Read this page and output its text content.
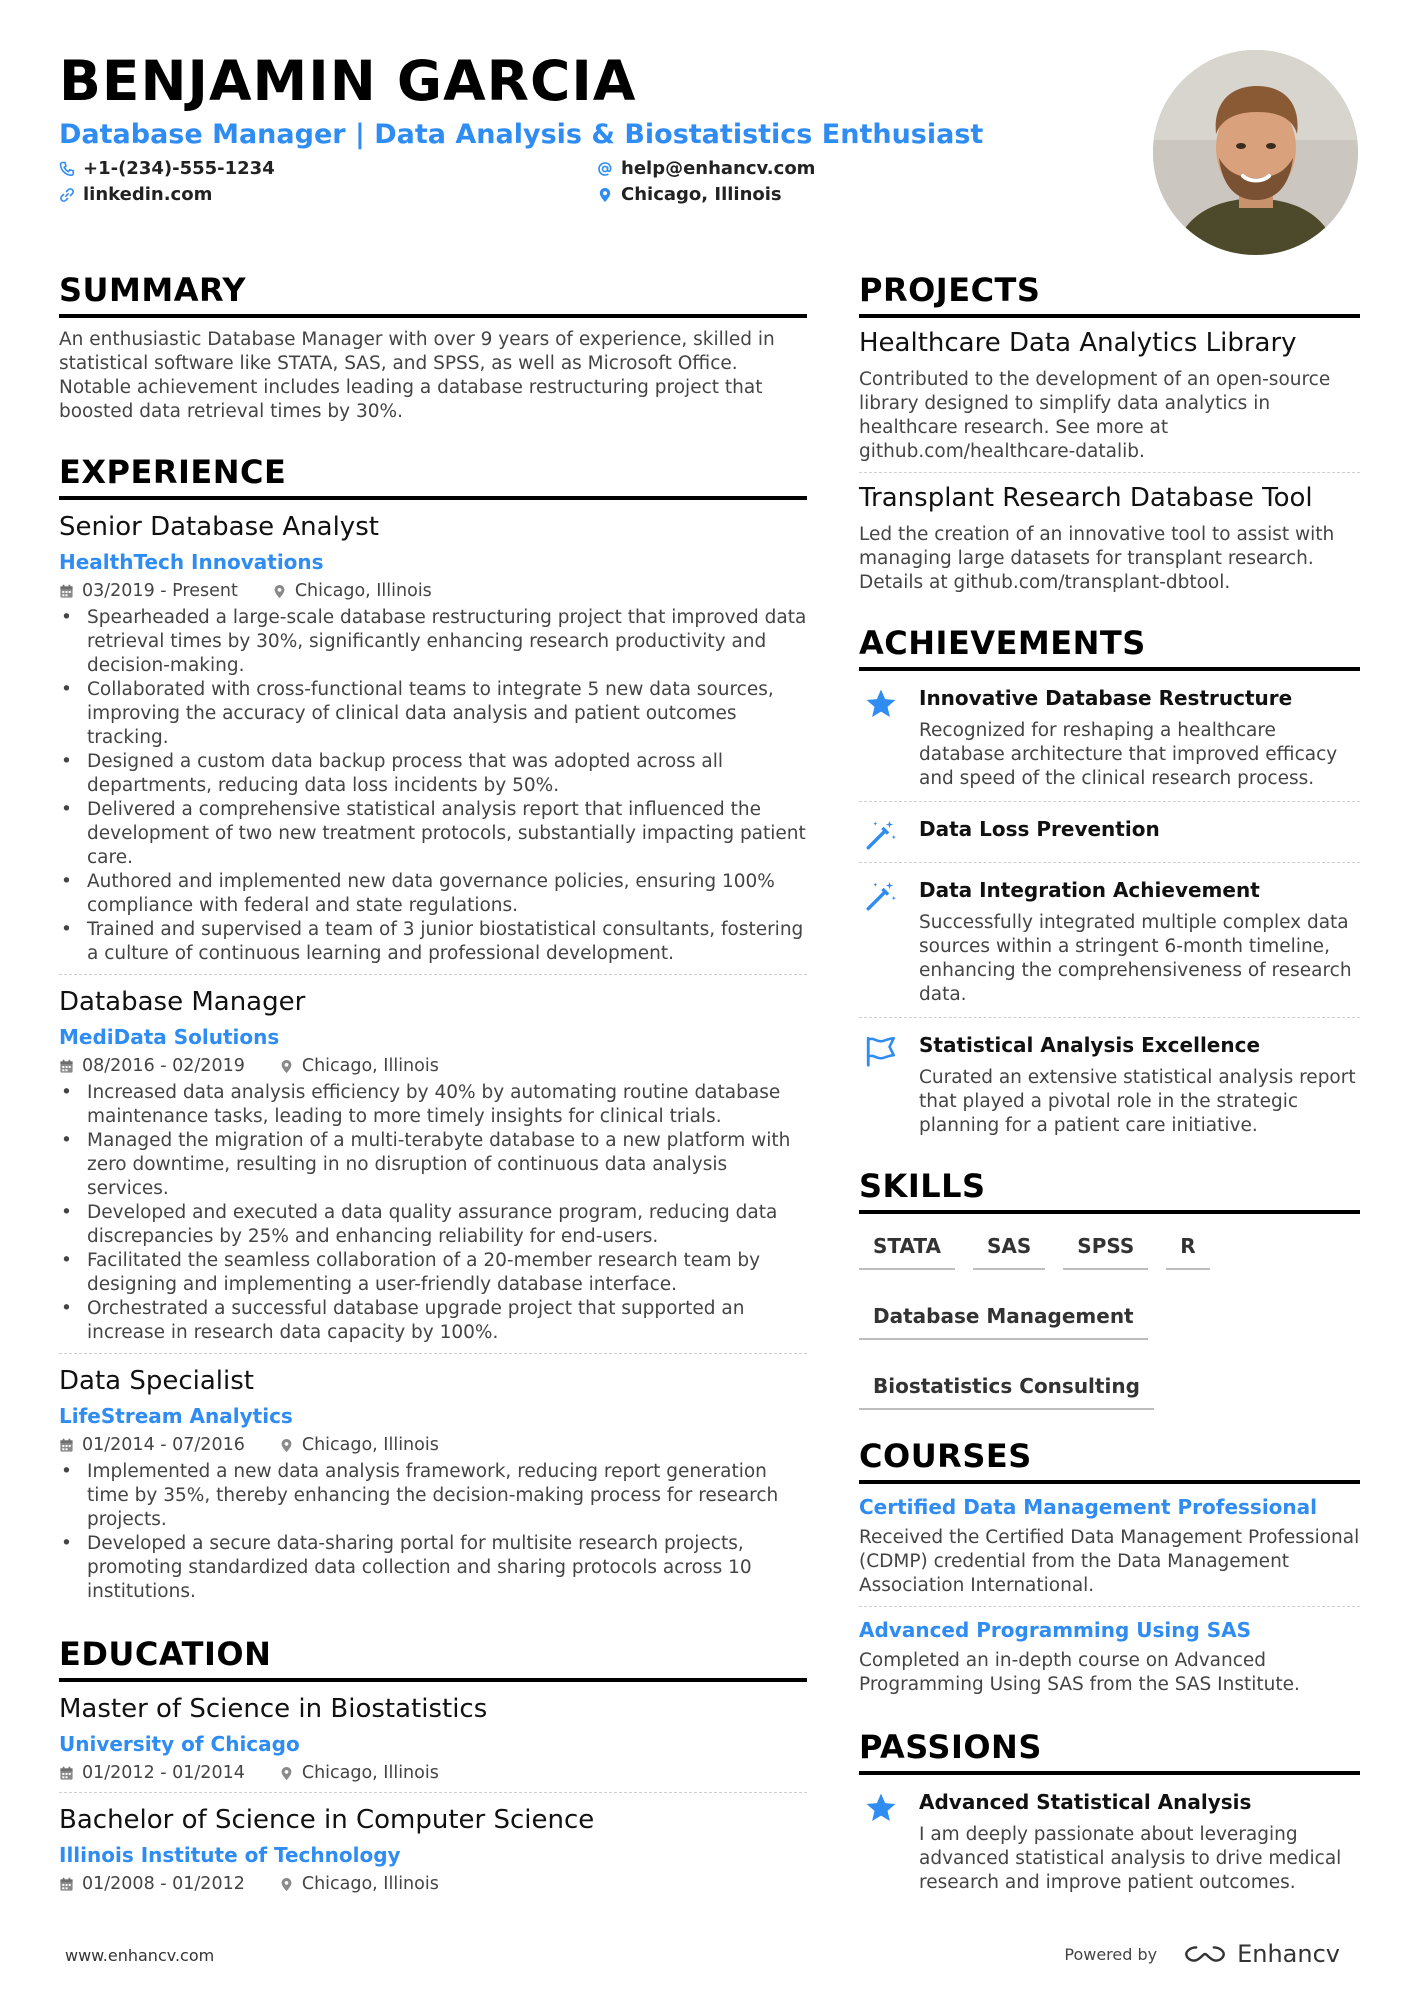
BENJAMIN GARCIA
Database Manager | Data Analysis & Biostatistics Enthusiast
+1-(234)-555-1234	help@enhancv.com
linkedin.com	Chicago, Illinois
SUMMARY
An enthusiastic Database Manager with over 9 years of experience, skilled in statistical software like STATA, SAS, and SPSS, as well as Microsoft Office. Notable achievement includes leading a database restructuring project that boosted data retrieval times by 30%.
EXPERIENCE
Senior Database Analyst
HealthTech Innovations
03/2019 - Present	Chicago, Illinois
• Spearheaded a large-scale database restructuring project that improved data retrieval times by 30%, significantly enhancing research productivity and decision-making.
• Collaborated with cross-functional teams to integrate 5 new data sources, improving the accuracy of clinical data analysis and patient outcomes tracking.
• Designed a custom data backup process that was adopted across all departments, reducing data loss incidents by 50%.
• Delivered a comprehensive statistical analysis report that influenced the development of two new treatment protocols, substantially impacting patient care.
• Authored and implemented new data governance policies, ensuring 100% compliance with federal and state regulations.
• Trained and supervised a team of 3 junior biostatistical consultants, fostering a culture of continuous learning and professional development.
Database Manager
MediData Solutions
08/2016 - 02/2019	Chicago, Illinois
• Increased data analysis efficiency by 40% by automating routine database maintenance tasks, leading to more timely insights for clinical trials.
• Managed the migration of a multi-terabyte database to a new platform with zero downtime, resulting in no disruption of continuous data analysis services.
• Developed and executed a data quality assurance program, reducing data discrepancies by 25% and enhancing reliability for end-users.
• Facilitated the seamless collaboration of a 20-member research team by designing and implementing a user-friendly database interface.
• Orchestrated a successful database upgrade project that supported an increase in research data capacity by 100%.
Data Specialist
LifeStream Analytics
01/2014 - 07/2016	Chicago, Illinois
• Implemented a new data analysis framework, reducing report generation time by 35%, thereby enhancing the decision-making process for research projects.
• Developed a secure data-sharing portal for multisite research projects, promoting standardized data collection and sharing protocols across 10 institutions.
EDUCATION
Master of Science in Biostatistics
University of Chicago
01/2012 - 01/2014	Chicago, Illinois
Bachelor of Science in Computer Science
Illinois Institute of Technology
01/2008 - 01/2012	Chicago, Illinois
PROJECTS
Healthcare Data Analytics Library
Contributed to the development of an open-source library designed to simplify data analytics in healthcare research. See more at github.com/healthcare-datalib.
Transplant Research Database Tool
Led the creation of an innovative tool to assist with managing large datasets for transplant research. Details at github.com/transplant-dbtool.
ACHIEVEMENTS
Innovative Database Restructure
Recognized for reshaping a healthcare database architecture that improved efficacy and speed of the clinical research process.
Data Loss Prevention
Data Integration Achievement
Successfully integrated multiple complex data sources within a stringent 6-month timeline, enhancing the comprehensiveness of research data.
Statistical Analysis Excellence
Curated an extensive statistical analysis report that played a pivotal role in the strategic planning for a patient care initiative.
SKILLS
STATA	SAS	SPSS	R
Database Management
Biostatistics Consulting
COURSES
Certified Data Management Professional
Received the Certified Data Management Professional (CDMP) credential from the Data Management Association International.
Advanced Programming Using SAS
Completed an in-depth course on Advanced Programming Using SAS from the SAS Institute.
PASSIONS
Advanced Statistical Analysis
I am deeply passionate about leveraging advanced statistical analysis to drive medical research and improve patient outcomes.
www.enhancv.com	Powered by	Enhancv
